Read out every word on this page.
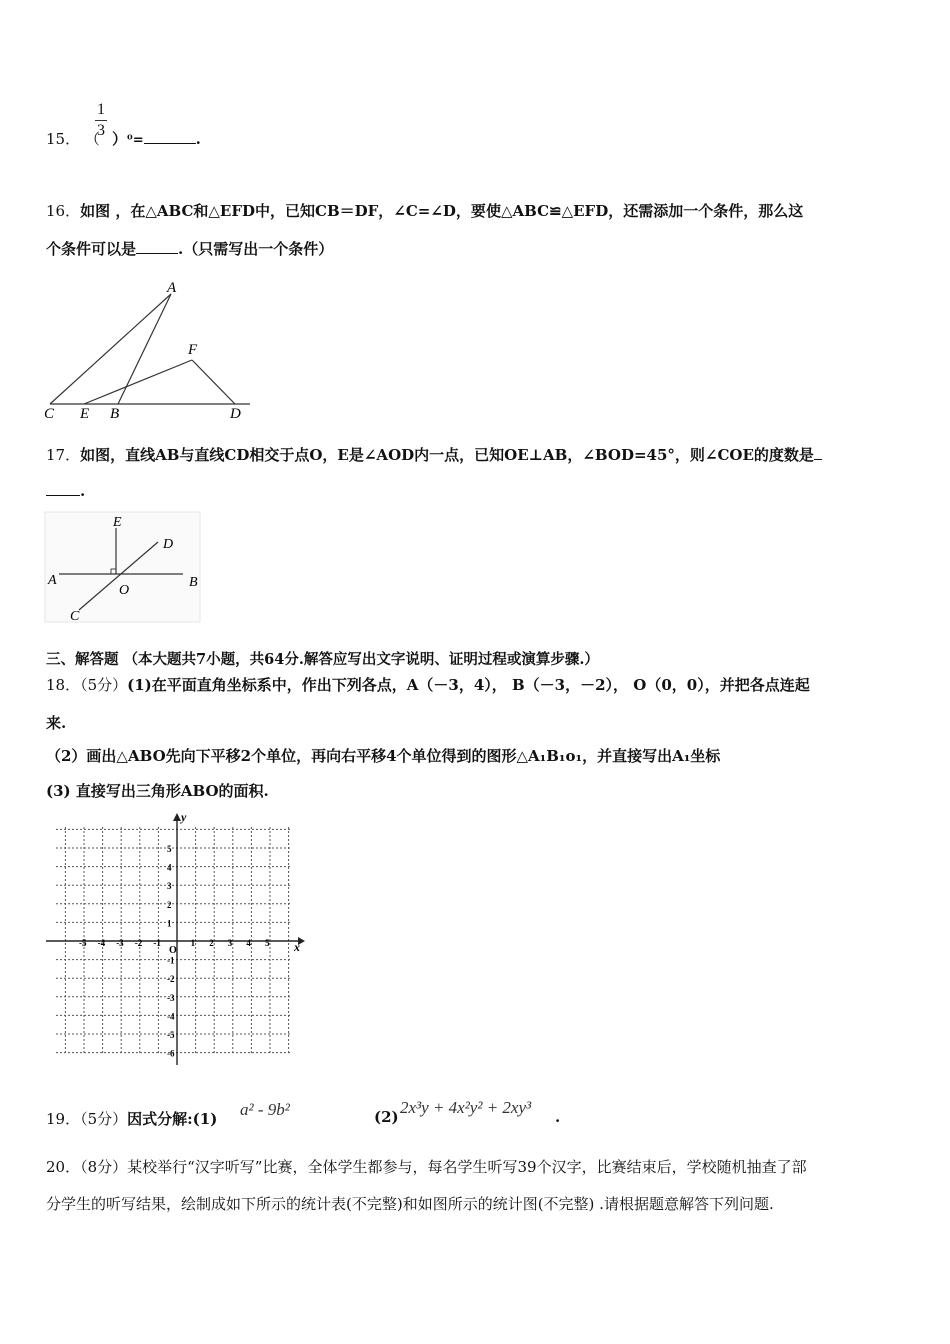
15． （
$\frac{1}{3} )^0=$	.
16．如图 ，在△ABC和△EFD中，已知CB＝DF，∠C=∠D，要使△ABC≌△EFD，还需添加一个条件，那么这
个条件可以是	.（只需写出一个条件）
A
F
C E B	D
17．如图，直线AB与直线CD相交于点O，E是∠AOD内一点，已知OE⊥AB，∠BOD=45°，则∠COE的度数是
.
E
D
A	B
O
C
三、解答题 （本大题共7小题，共64分.解答应写出文字说明、证明过程或演算步骤.）
18．（5分）(1)在平面直角坐标系中，作出下列各点，A（－3，4）， B（－3，－2）， O（0，0），并把各点连起
来.
（2）画出△ABO先向下平移2个单位，再向右平移4个单位得到的图形△A₁B₁o₁，并直接写出A₁坐标
(3) 直接写出三角形ABO的面积.
x
y
O
-5 -4 -3 -2 -1	1 2 3 4 5
5
4
3
2
1
-1
-2
-3
-4
-5
-6
19．（5分）因式分解:(1) a² - 9b²	(2) 2x³y + 4x²y² + 2xy³ .
20．（8分）某校举行“汉字听写”比赛，全体学生都参与，每名学生听写39个汉字，比赛结束后，学校随机抽查了部
分学生的听写结果，绘制成如下所示的统计表(不完整)和如图所示的统计图(不完整) .请根据题意解答下列问题.
